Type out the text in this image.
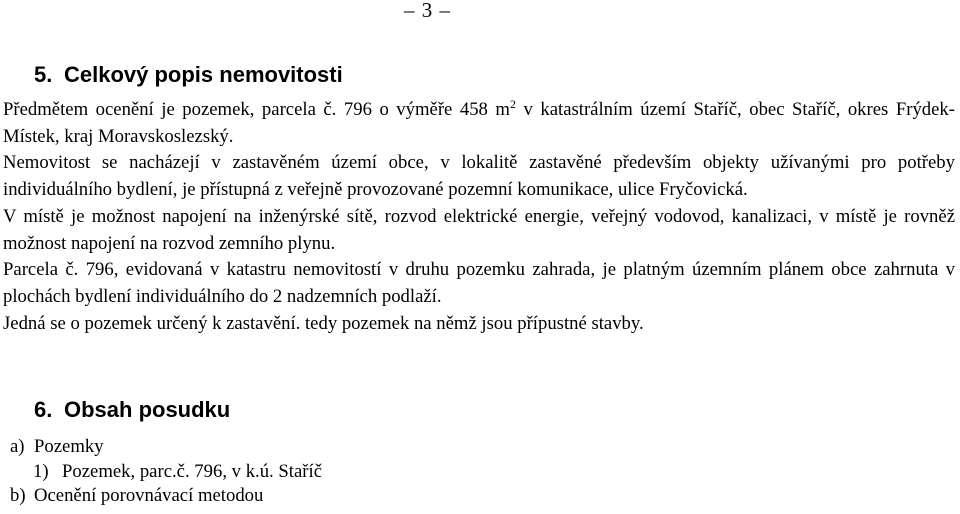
– 3 –
5. Celkový popis nemovitosti

Předmětem ocenění je pozemek, parcela č. 796 o výměře 458 $m^2$ v katastrálním území Staříč, obec Staříč, okres Frýdek-Místek, kraj Moravskoslezský.

Nemovitost se nacházejí v zastavěném území obce, v lokalitě zastavěné především objekty užívanými pro potřeby individuálního bydlení, je přístupná z veřejně provozované pozemní komunikace, ulice Fryčovická.

V místě je možnost napojení na inženýrské sítě, rozvod elektrické energie, veřejný vodovod, kanalizaci, v místě je rovněž možnost napojení na rozvod zemního plynu.

Parcela č. 796, evidovaná v katastru nemovitostí v druhu pozemku zahrada, je platným územním plánem obce zahrnuta v plochách bydlení individuálního do 2 nadzemních podlaží.

Jedná se o pozemek určený k zastavění. tedy pozemek na němž jsou přípustné stavby.

6. Obsah posudku
a) Pozemky
1) Pozemek, parc.č. 796, v k.ú. Staříč
b) Ocenění porovnávací metodou
